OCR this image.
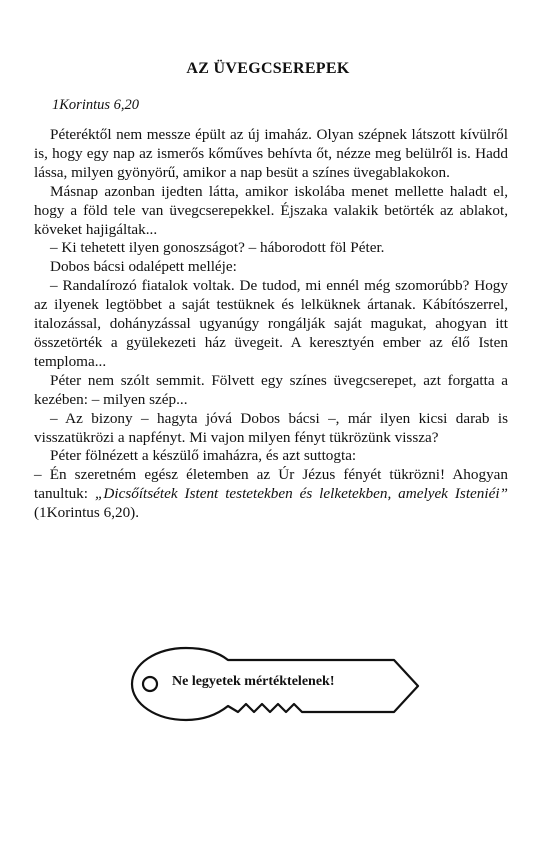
AZ ÜVEGCSEREPEK
1Korintus 6,20

Péteréktől nem messze épült az új imaház. Olyan szépnek látszott kívülről is, hogy egy nap az ismerős kőműves behívta őt, nézze meg belülről is. Hadd lássa, milyen gyönyörű, amikor a nap besüt a színes üvegablakokon.

Másnap azonban ijedten látta, amikor iskolába menet mellette haladt el, hogy a föld tele van üvegcserepekkel. Éjszaka valakik betörték az ablakot, köveket hajigáltak...

– Ki tehetett ilyen gonoszságot? – háborodott föl Péter.

Dobos bácsi odalépett melléje:

– Randalírozó fiatalok voltak. De tudod, mi ennél még szomorúbb? Hogy az ilyenek legtöbbet a saját testüknek és lelküknek ártanak. Kábítószerrel, italozással, dohányzással ugyanúgy rongálják saját magukat, ahogyan itt összetörték a gyülekezeti ház üvegeit. A keresztyén ember az élő Isten temploma...

Péter nem szólt semmit. Fölvett egy színes üvegcserepet, azt forgatta a kezében: – milyen szép...

– Az bizony – hagyta jóvá Dobos bácsi –, már ilyen kicsi darab is visszatükrözi a napfényt. Mi vajon milyen fényt tükrözünk vissza?

Péter fölnézett a készülő imaházra, és azt suttogta:

– Én szeretném egész életemben az Úr Jézus fényét tükrözni! Ahogyan tanultuk: „Dicsőítsétek Istent testetekben és lelketekben, amelyek Isteniéi” (1Korintus 6,20).

Ne legyetek mértéktelenek!
